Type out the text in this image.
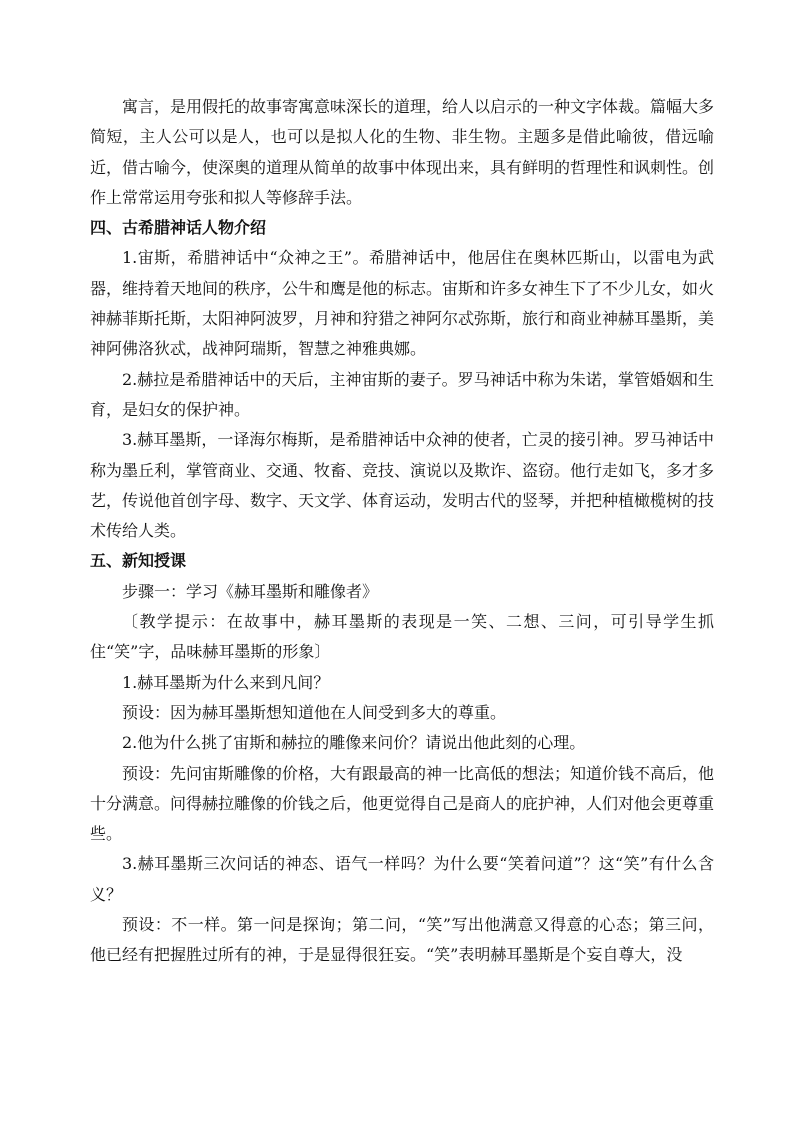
寓言，是用假托的故事寄寓意味深长的道理，给人以启示的一种文字体裁。篇幅大多简短，主人公可以是人，也可以是拟人化的生物、非生物。主题多是借此喻彼，借远喻近，借古喻今，使深奥的道理从简单的故事中体现出来，具有鲜明的哲理性和讽刺性。创作上常常运用夸张和拟人等修辞手法。

四、古希腊神话人物介绍

1.宙斯，希腊神话中“众神之王”。希腊神话中，他居住在奥林匹斯山，以雷电为武器，维持着天地间的秩序，公牛和鹰是他的标志。宙斯和许多女神生下了不少儿女，如火神赫菲斯托斯，太阳神阿波罗，月神和狩猎之神阿尔忒弥斯，旅行和商业神赫耳墨斯，美神阿佛洛狄忒，战神阿瑞斯，智慧之神雅典娜。

2.赫拉是希腊神话中的天后，主神宙斯的妻子。罗马神话中称为朱诺，掌管婚姻和生育，是妇女的保护神。

3.赫耳墨斯，一译海尔梅斯，是希腊神话中众神的使者，亡灵的接引神。罗马神话中称为墨丘利，掌管商业、交通、牧畜、竞技、演说以及欺诈、盗窃。他行走如飞，多才多艺，传说他首创字母、数字、天文学、体育运动，发明古代的竖琴，并把种植橄榄树的技术传给人类。

五、新知授课

步骤一：学习《赫耳墨斯和雕像者》

〔教学提示：在故事中，赫耳墨斯的表现是一笑、二想、三问，可引导学生抓住“笑”字，品味赫耳墨斯的形象〕

1.赫耳墨斯为什么来到凡间？

预设：因为赫耳墨斯想知道他在人间受到多大的尊重。

2.他为什么挑了宙斯和赫拉的雕像来问价？请说出他此刻的心理。

预设：先问宙斯雕像的价格，大有跟最高的神一比高低的想法；知道价钱不高后，他十分满意。问得赫拉雕像的价钱之后，他更觉得自己是商人的庇护神，人们对他会更尊重些。

3.赫耳墨斯三次问话的神态、语气一样吗？为什么要“笑着问道”？这“笑”有什么含义？

预设：不一样。第一问是探询；第二问，“笑”写出他满意又得意的心态；第三问，他已经有把握胜过所有的神，于是显得很狂妄。“笑”表明赫耳墨斯是个妄自尊大，没
